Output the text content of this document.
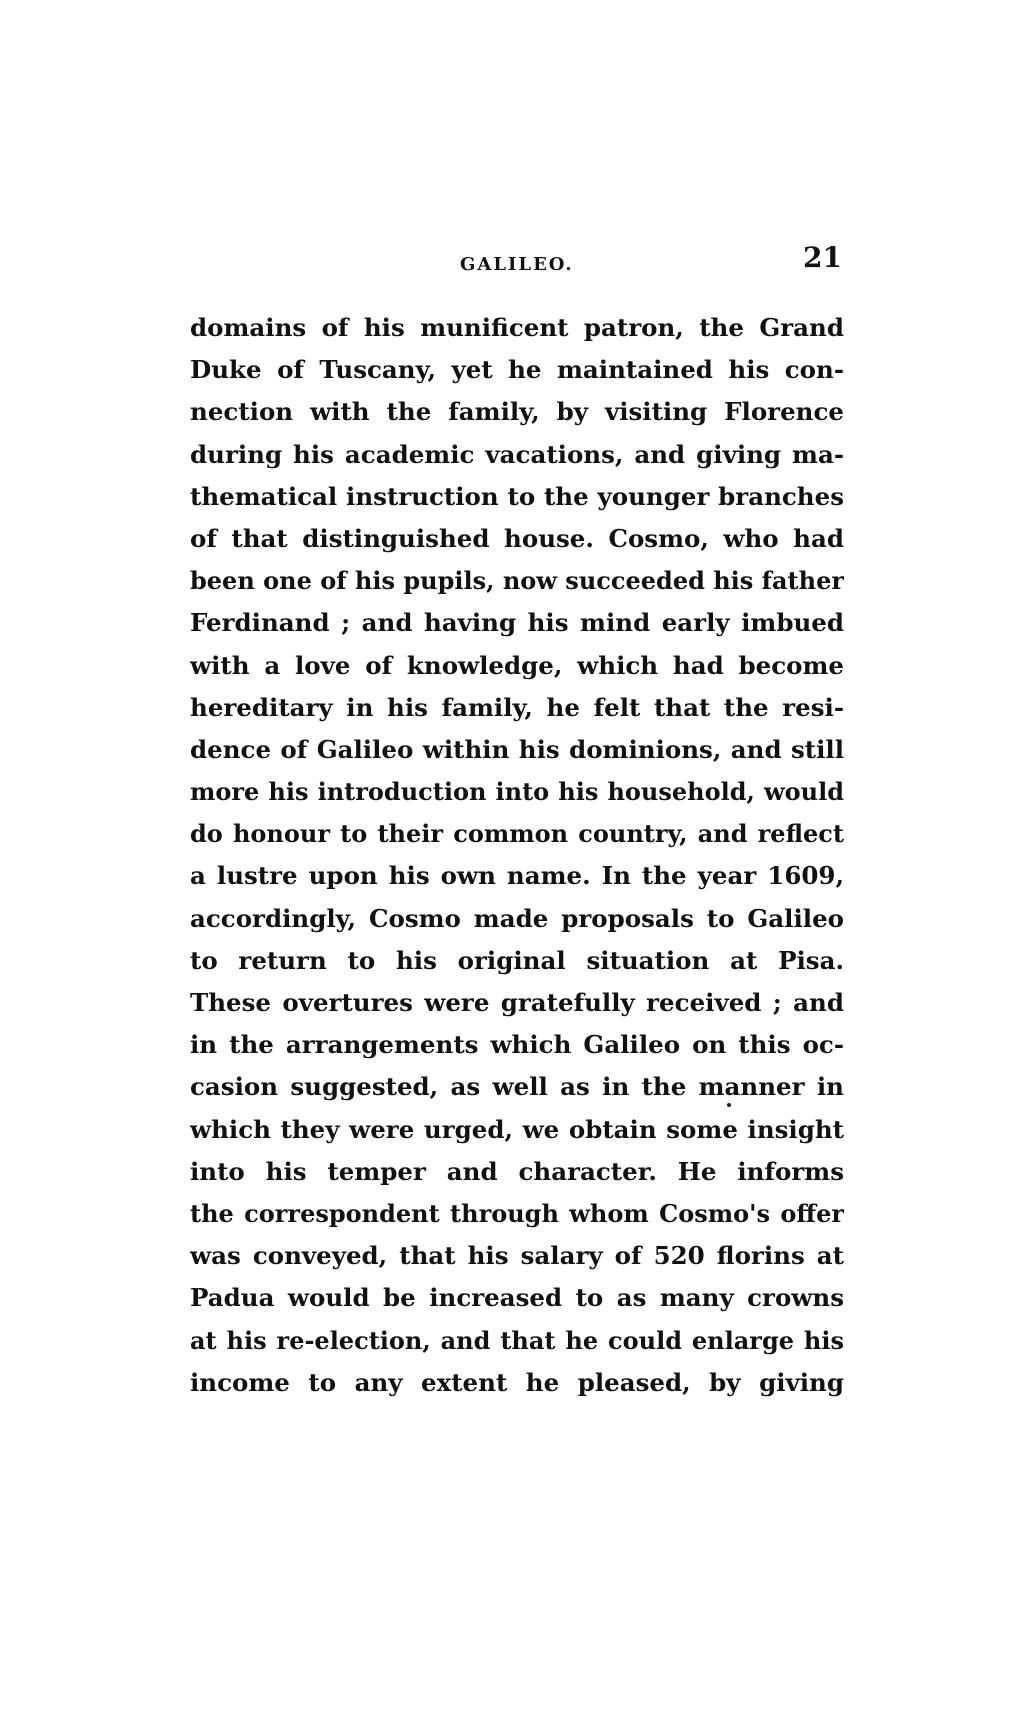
GALILEO.	21
domains of his munificent patron, the Grand
Duke of Tuscany, yet he maintained his con-
nection with the family, by visiting Florence
during his academic vacations, and giving ma-
thematical instruction to the younger branches
of that distinguished house. Cosmo, who had
been one of his pupils, now succeeded his father
Ferdinand ; and having his mind early imbued
with a love of knowledge, which had become
hereditary in his family, he felt that the resi-
dence of Galileo within his dominions, and still
more his introduction into his household, would
do honour to their common country, and reflect
a lustre upon his own name. In the year 1609,
accordingly, Cosmo made proposals to Galileo
to return to his original situation at Pisa.
These overtures were gratefully received ; and
in the arrangements which Galileo on this oc-
casion suggested, as well as in the manner in
which they were urged, we obtain some insight
into his temper and character. He informs
the correspondent through whom Cosmo's offer
was conveyed, that his salary of 520 florins at
Padua would be increased to as many crowns
at his re-election, and that he could enlarge his
income to any extent he pleased, by giving
